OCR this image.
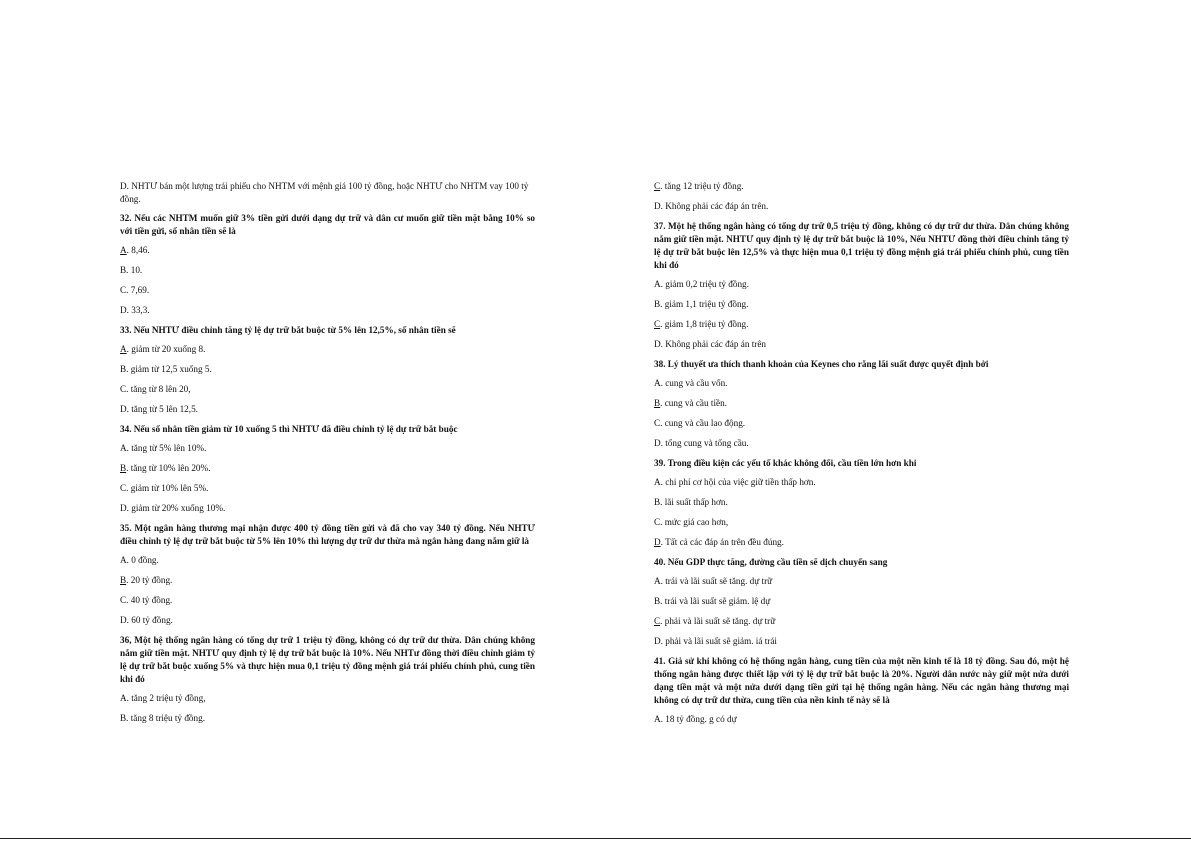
D. NHTƯ bán một lượng trái phiếu cho NHTM với mệnh giá 100 tỷ đồng, hoặc NHTƯ cho NHTM vay 100 tỷ đồng.

32. Nếu các NHTM muốn giữ 3% tiền gửi dưới dạng dự trữ và dân cư muốn giữ tiền mặt bằng 10% so với tiền gửi, số nhân tiền sẽ là

A. 8,46.

B. 10.

C. 7,69.

D. 33,3.

33. Nếu NHTƯ điều chỉnh tăng tỷ lệ dự trữ bắt buộc từ 5% lên 12,5%, số nhân tiền sẽ

A. giảm từ 20 xuống 8.

B. giảm từ 12,5 xuống 5.

C. tăng từ 8 lên 20,

D. tăng từ 5 lên 12,5.

34. Nếu số nhân tiền giảm từ 10 xuống 5 thì NHTƯ đã điều chỉnh tỷ lệ dự trữ bắt buộc

A. tăng từ 5% lên 10%.

B. tăng từ 10% lên 20%.

C. giảm từ 10% lên 5%.

D. giảm từ 20% xuống 10%.

35. Một ngân hàng thương mại nhận được 400 tỷ đồng tiền gửi và đã cho vay 340 tỷ đồng. Nếu NHTƯ điều chỉnh tỷ lệ dự trữ bắt buộc từ 5% lên 10% thì lượng dự trữ dư thừa mà ngân hàng đang nắm giữ là

A. 0 đồng.

B. 20 tỷ đồng.

C. 40 tỷ đồng.

D. 60 tỷ đồng.

36, Một hệ thống ngân hàng có tổng dự trữ 1 triệu tỷ đồng, không có dự trữ dư thừa. Dân chúng không nắm giữ tiền mặt. NHTƯ quy định tỷ lệ dự trữ bắt buộc là 10%. Nếu NHTư đồng thời điều chỉnh giảm tỷ lệ dự trữ bắt buộc xuống 5% và thực hiện mua 0,1 triệu tỷ đồng mệnh giá trái phiếu chính phủ, cung tiền khi đó

A. tăng 2 triệu tỷ đồng,

B. tăng 8 triệu tỷ đồng.

C. tăng 12 triệu tỷ đồng.

D. Không phải các đáp án trên.

37. Một hệ thống ngân hàng có tổng dự trữ 0,5 triệu tỷ đồng, không có dự trữ dư thừa. Dân chúng không nắm giữ tiền mặt. NHTƯ quy định tỷ lệ dự trữ bắt buộc là 10%, Nếu NHTƯ đồng thời điều chỉnh tăng tỷ lệ dự trữ bắt buộc lên 12,5% và thực hiện mua 0,1 triệu tỷ đồng mệnh giá trái phiếu chính phủ, cung tiền khi đó

A. giảm 0,2 triệu tỷ đồng.

B. giảm 1,1 triệu tỷ đồng.

C. giảm 1,8 triệu tỷ đồng.

D. Không phải các đáp án trên

38. Lý thuyết ưa thích thanh khoản của Keynes cho rằng lãi suất được quyết định bởi

A. cung và cầu vốn.

B. cung và cầu tiền.

C. cung và cầu lao động.

D. tổng cung và tổng cầu.

39. Trong điều kiện các yếu tố khác không đổi, cầu tiền lớn hơn khi

A. chi phí cơ hội của việc giữ tiền thấp hơn.

B. lãi suất thấp hơn.

C. mức giá cao hơn,

D. Tất cả các đáp án trên đều đúng.

40. Nếu GDP thực tăng, đường cầu tiền sẽ dịch chuyển sang

A. trái và lãi suất sẽ tăng. dự trữ

B. trái và lãi suất sẽ giảm. lệ dự

C. phải và lãi suất sẽ tăng. dự trữ

D. phải và lãi suất sẽ giảm. iá trái

41. Giả sử khi không có hệ thống ngân hàng, cung tiền của một nền kinh tế là 18 tỷ đồng. Sau đó, một hệ thống ngân hàng được thiết lập với tỷ lệ dự trữ bắt buộc là 20%. Người dân nước này giữ một nửa dưới dạng tiền mặt và một nửa dưới dạng tiền gửi tại hệ thống ngân hàng. Nếu các ngân hàng thương mại không có dự trữ dư thừa, cung tiền của nền kinh tế này sẽ là

A. 18 tỷ đồng. g có dự
